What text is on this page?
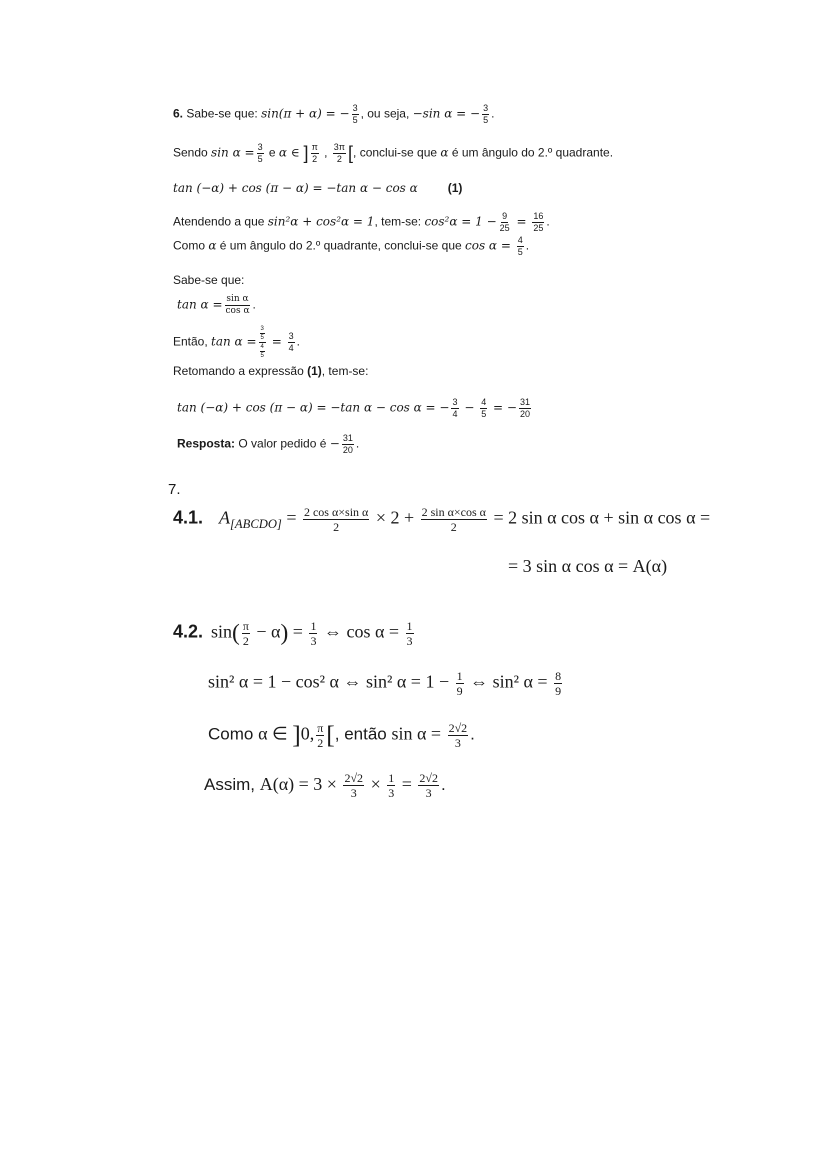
6. Sabe-se que: sin(π + α) = − $\frac{3}{5}$ , ou seja, −sin α = − $\frac{3}{5}$ .
Sendo $\sin \alpha = \frac{3}{5}$ e α ∈ ] $\frac{\pi}{2}$ , $\frac{3\pi}{2}$ [, conclui-se que α é um ângulo do 2.º quadrante.
tan (−α) + cos (π − α) = −tan α − cos α	(1)
Atendendo a que sin²α + cos²α = 1, tem-se: $\cos^2\alpha = 1 - \frac{9}{25} = \frac{16}{25}$ .
Como α é um ângulo do 2.º quadrante, conclui-se que $\cos \alpha = \frac{4}{5}$ .
Sabe-se que:
$\tan \alpha = \frac{\text{sin α}}{\text{cos α}}$ .
Então, $\tan \alpha = \frac{\frac{3}{5}}{\frac{4}{5}} = \frac{3}{4}$ .
Retomando a expressão (1), tem-se:
tan (−α) + cos (π − α) = −tan α − cos α = − $\frac{3}{4} - \frac{4}{5}$ = − $\frac{31}{20}$
Resposta: O valor pedido é − $\frac{31}{20}$ .
7.
4.1. $A_{[ABCDO]} = \frac{\text{2 cos α×sin α}}{2} \times 2 + \frac{\text{2 sin α×cos α}}{2} = 2$ sin α cos α + sin α cos α =
= 3 sin α cos α = A(α)
4.2. $\sin( \frac{\pi}{2} - \alpha) = \frac{1}{3}$ ⇔ $\cos \alpha = \frac{1}{3}$
sin² α = 1 − cos² α ⇔ sin² $\alpha = 1 - \frac{1}{9}$ ⇔ sin² $\alpha = \frac{8}{9}$
Como α ∈ ]0, $\frac{\pi}{2}$ [, então $\sin \alpha = \frac{2√2}{3}$ .
Assim, $A(\alpha) = 3 \times \frac{2√2}{3} \times \frac{1}{3} = \frac{2√2}{3}$ .
